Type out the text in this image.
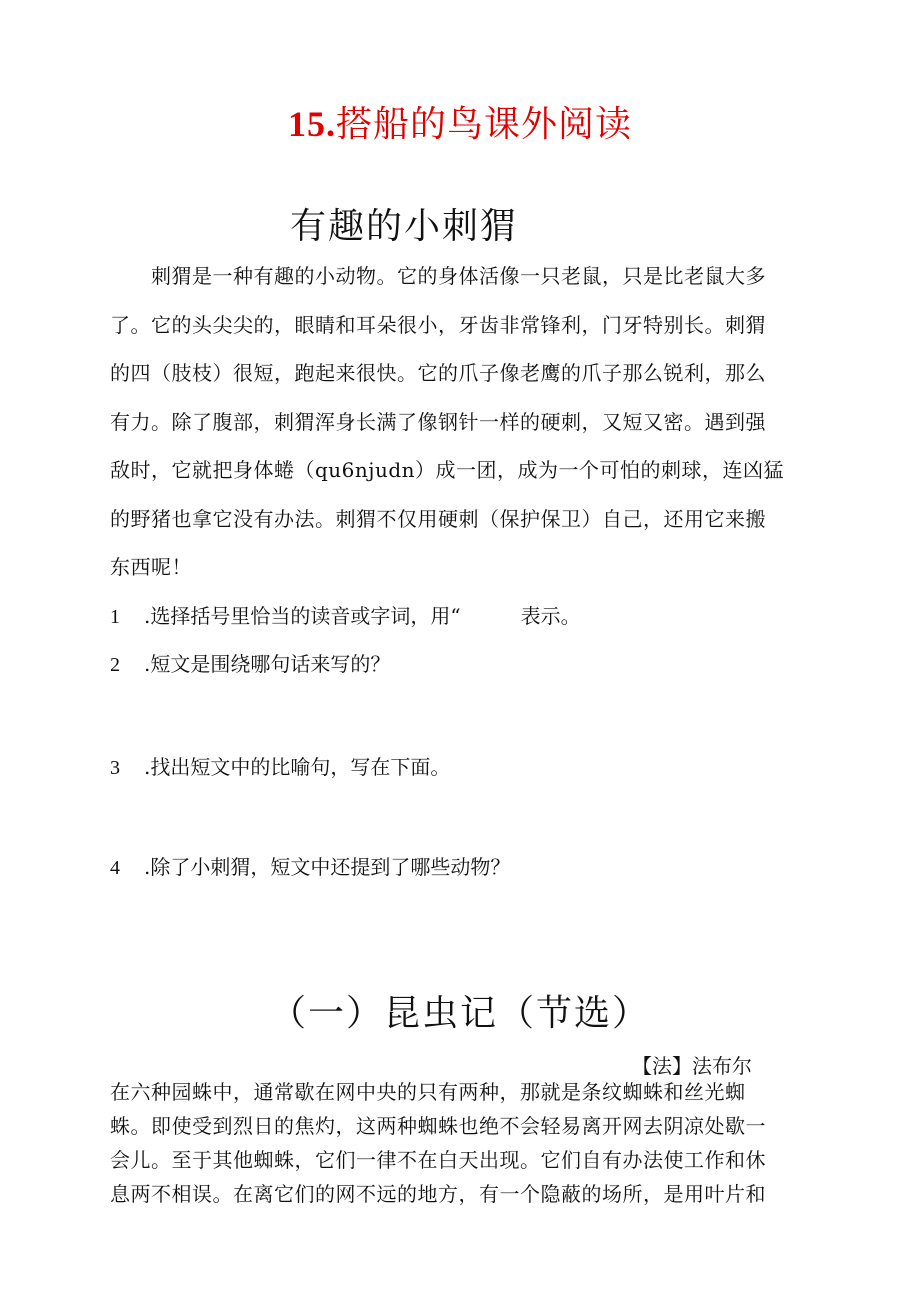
15.搭船的鸟课外阅读
有趣的小刺猬
　　刺猬是一种有趣的小动物。它的身体活像一只老鼠，只是比老鼠大多
了。它的头尖尖的，眼睛和耳朵很小，牙齿非常锋利，门牙特别长。刺猬
的四（肢枝）很短，跑起来很快。它的爪子像老鹰的爪子那么锐利，那么
有力。除了腹部，刺猬浑身长满了像钢针一样的硬刺，又短又密。遇到强
敌时，它就把身体蜷（qu6njudn）成一团，成为一个可怕的刺球，连凶猛
的野猪也拿它没有办法。刺猬不仅用硬刺（保护保卫）自己，还用它来搬
东西呢！
1 .选择括号里恰当的读音或字词，用“　　　表示。
2 .短文是围绕哪句话来写的？
3 .找出短文中的比喻句，写在下面。
4 .除了小刺猬，短文中还提到了哪些动物？
（一）昆虫记（节选）
【法】法布尔
在六种园蛛中，通常歇在网中央的只有两种，那就是条纹蜘蛛和丝光蜘
蛛。即使受到烈日的焦灼，这两种蜘蛛也绝不会轻易离开网去阴凉处歇一
会儿。至于其他蜘蛛，它们一律不在白天出现。它们自有办法使工作和休
息两不相误。在离它们的网不远的地方，有一个隐蔽的场所，是用叶片和
